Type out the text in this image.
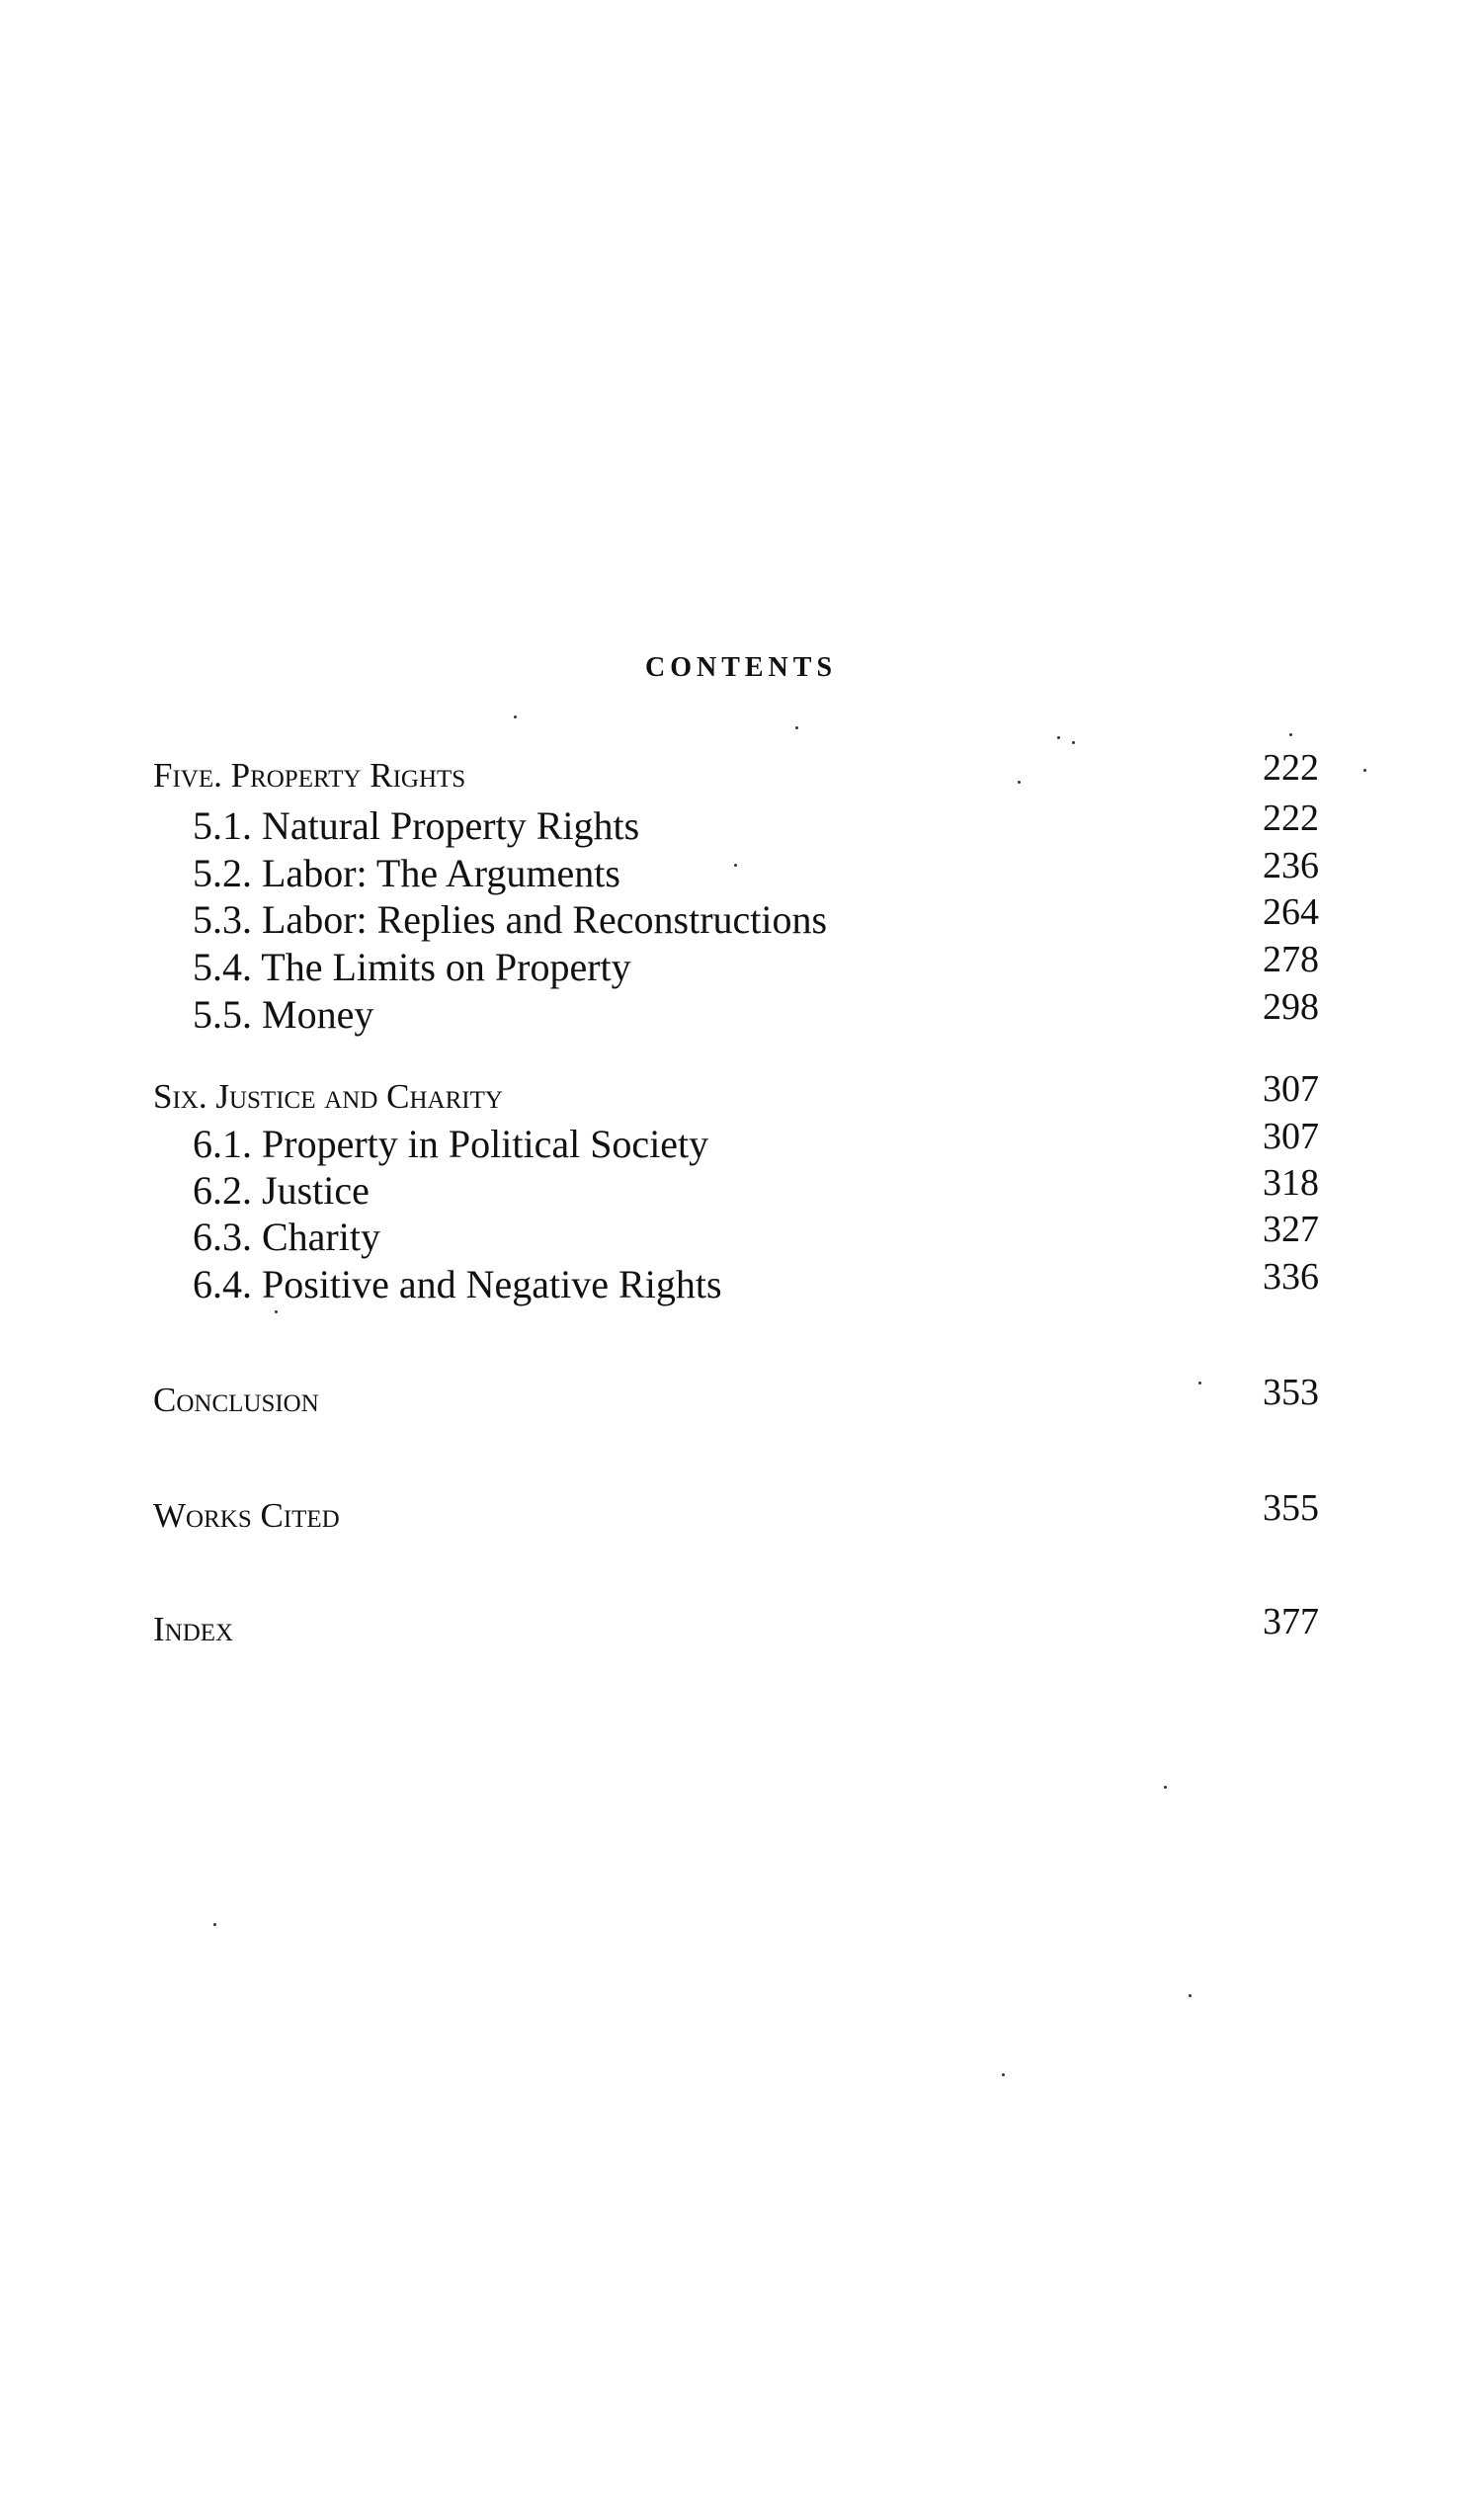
CONTENTS
Five. Property Rights	222
5.1. Natural Property Rights	222
5.2. Labor: The Arguments	236
5.3. Labor: Replies and Reconstructions	264
5.4. The Limits on Property	278
5.5. Money	298
Six. Justice and Charity	307
6.1. Property in Political Society	307
6.2. Justice	318
6.3. Charity	327
6.4. Positive and Negative Rights	336
Conclusion	353
Works Cited	355
Index	377
